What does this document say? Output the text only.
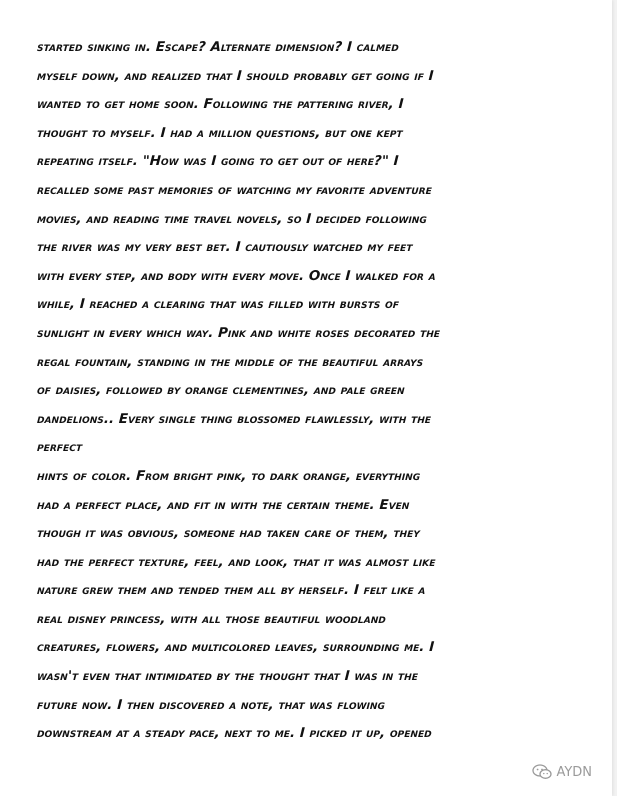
started sinking in. Escape? Alternate dimension? I calmed
myself down, and realized that I should probably get going if I
wanted to get home soon. Following the pattering river, I
thought to myself. I had a million questions, but one kept
repeating itself. "How was I going to get out of here?" I
recalled some past memories of watching my favorite adventure
movies, and reading time travel novels, so I decided following
the river was my very best bet. I cautiously watched my feet
with every step, and body with every move. Once I walked for a
while, I reached a clearing that was filled with bursts of
sunlight in every which way. Pink and white roses decorated the
regal fountain, standing in the middle of the beautiful arrays
of daisies, followed by orange clementines, and pale green
dandelions.. Every single thing blossomed flawlessly, with the
perfect
hints of color. From bright pink, to dark orange, everything
had a perfect place, and fit in with the certain theme. Even
though it was obvious, someone had taken care of them, they
had the perfect texture, feel, and look, that it was almost like
nature grew them and tended them all by herself. I felt like a
real disney princess, with all those beautiful woodland
creatures, flowers, and multicolored leaves, surrounding me. I
wasn't even that intimidated by the thought that I was in the
future now. I then discovered a note, that was flowing
downstream at a steady pace, next to me. I picked it up, opened
AYDN
